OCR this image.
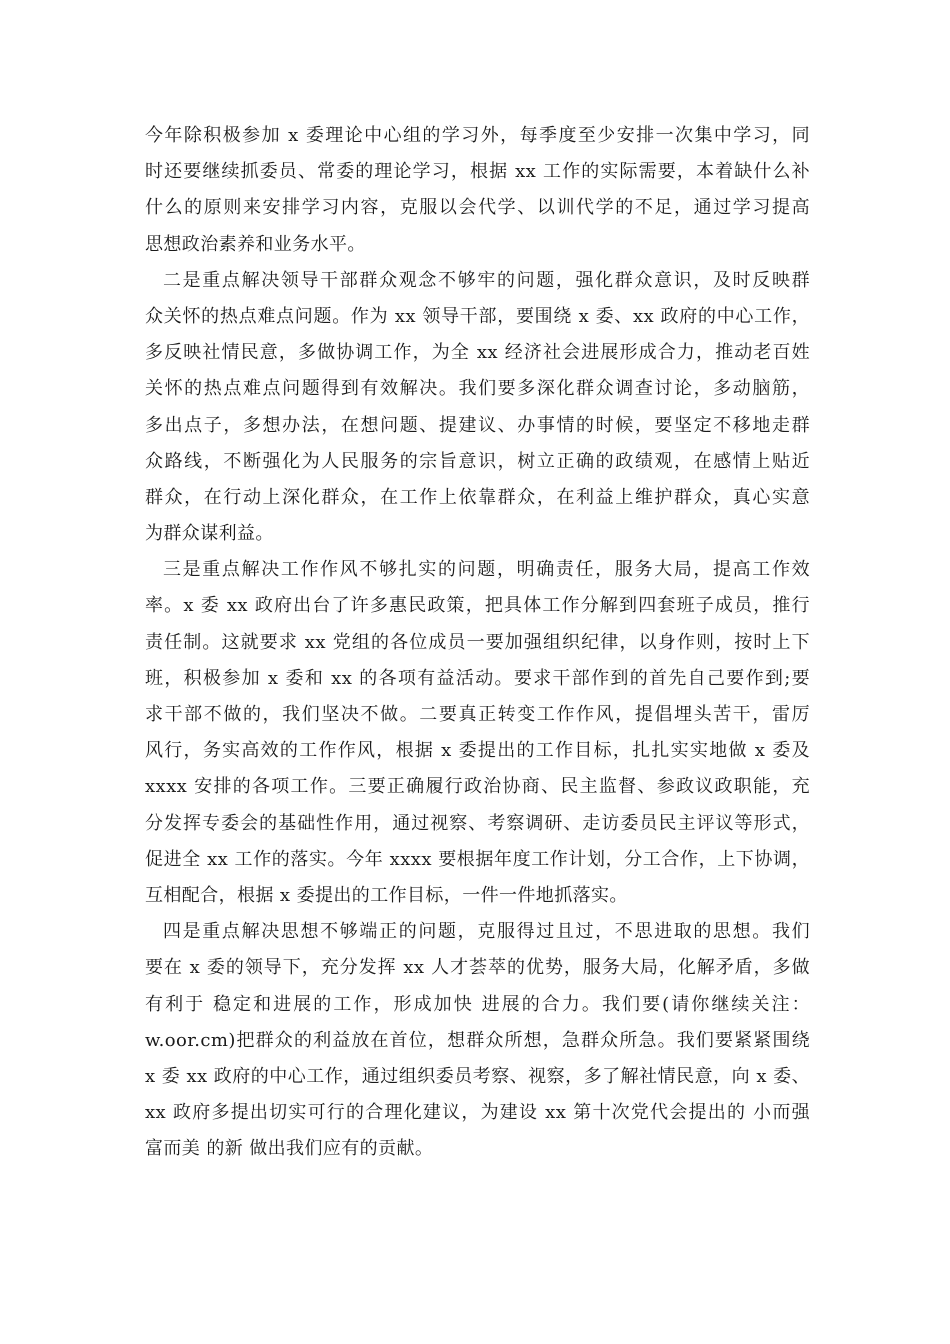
今年除积极参加 x 委理论中心组的学习外，每季度至少安排一次集中学习，同
时还要继续抓委员、常委的理论学习，根据 xx 工作的实际需要，本着缺什么补
什么的原则来安排学习内容，克服以会代学、以训代学的不足，通过学习提高
思想政治素养和业务水平。
二是重点解决领导干部群众观念不够牢的问题，强化群众意识，及时反映群
众关怀的热点难点问题。作为 xx 领导干部，要围绕 x 委、xx 政府的中心工作，
多反映社情民意，多做协调工作，为全 xx 经济社会进展形成合力，推动老百姓
关怀的热点难点问题得到有效解决。我们要多深化群众调查讨论，多动脑筋，
多出点子，多想办法，在想问题、提建议、办事情的时候，要坚定不移地走群
众路线，不断强化为人民服务的宗旨意识，树立正确的政绩观，在感情上贴近
群众，在行动上深化群众，在工作上依靠群众，在利益上维护群众，真心实意
为群众谋利益。
三是重点解决工作作风不够扎实的问题，明确责任，服务大局，提高工作效
率。x 委 xx 政府出台了许多惠民政策，把具体工作分解到四套班子成员，推行
责任制。这就要求 xx 党组的各位成员一要加强组织纪律，以身作则，按时上下
班，积极参加 x 委和 xx 的各项有益活动。要求干部作到的首先自己要作到;要
求干部不做的，我们坚决不做。二要真正转变工作作风，提倡埋头苦干，雷厉
风行，务实高效的工作作风，根据 x 委提出的工作目标，扎扎实实地做 x 委及
xxxx 安排的各项工作。三要正确履行政治协商、民主监督、参政议政职能，充
分发挥专委会的基础性作用，通过视察、考察调研、走访委员民主评议等形式，
促进全 xx 工作的落实。今年 xxxx 要根据年度工作计划，分工合作，上下协调，
互相配合，根据 x 委提出的工作目标，一件一件地抓落实。
四是重点解决思想不够端正的问题，克服得过且过，不思进取的思想。我们
要在 x 委的领导下，充分发挥 xx 人才荟萃的优势，服务大局，化解矛盾，多做
有利于 稳定和进展的工作，形成加快 进展的合力。我们要(请你继续关注：
w.oor.cm)把群众的利益放在首位，想群众所想，急群众所急。我们要紧紧围绕
x 委 xx 政府的中心工作，通过组织委员考察、视察，多了解社情民意，向 x 委、
xx 政府多提出切实可行的合理化建议，为建设 xx 第十次党代会提出的 小而强
富而美 的新 做出我们应有的贡献。
